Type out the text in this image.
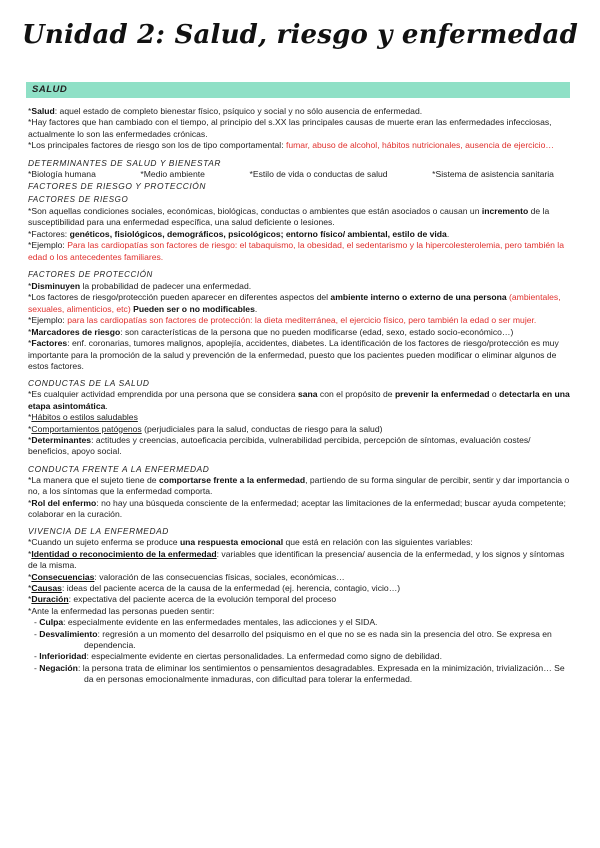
Unidad 2: Salud, riesgo y enfermedad
SALUD

*Salud: aquel estado de completo bienestar físico, psíquico y social y no sólo ausencia de enfermedad.

*Hay factores que han cambiado con el tiempo, al principio del s.XX las principales causas de muerte eran las enfermedades infecciosas, actualmente lo son las enfermedades crónicas.

*Los principales factores de riesgo son los de tipo comportamental: fumar, abuso de alcohol, hábitos nutricionales, ausencia de ejercicio…

DETERMINANTES DE SALUD Y BIENESTAR

*Biología humana	*Medio ambiente	*Estilo de vida o conductas de salud	*Sistema de asistencia sanitaria

FACTORES DE RIESGO Y PROTECCIÓN

FACTORES DE RIESGO

*Son aquellas condiciones sociales, económicas, biológicas, conductas o ambientes que están asociados o causan un incremento de la susceptibilidad para una enfermedad específica, una salud deficiente o lesiones.

*Factores: genéticos, fisiológicos, demográficos, psicológicos; entorno físico/ ambiental, estilo de vida.

*Ejemplo: Para las cardiopatías son factores de riesgo: el tabaquismo, la obesidad, el sedentarismo y la hipercolesterolemia, pero también la edad o los antecedentes familiares.

FACTORES DE PROTECCIÓN

*Disminuyen la probabilidad de padecer una enfermedad.

*Los factores de riesgo/protección pueden aparecer en diferentes aspectos del ambiente interno o externo de una persona (ambientales, sexuales, alimenticios, etc) Pueden ser o no modificables.

*Ejemplo: para las cardiopatías son factores de protección: la dieta mediterránea, el ejercicio físico, pero también la edad o ser mujer.

*Marcadores de riesgo: son características de la persona que no pueden modificarse (edad, sexo, estado socio-económico…)

*Factores: enf. coronarias, tumores malignos, apoplejía, accidentes, diabetes. La identificación de los factores de riesgo/protección es muy importante para la promoción de la salud y prevención de la enfermedad, puesto que los pacientes pueden modificar o eliminar algunos de estos factores.

CONDUCTAS DE LA SALUD

*Es cualquier actividad emprendida por una persona que se considera sana con el propósito de prevenir la enfermedad o detectarla en una etapa asintomática.

*Hábitos o estilos saludables

*Comportamientos patógenos (perjudiciales para la salud, conductas de riesgo para la salud)

*Determinantes: actitudes y creencias, autoeficacia percibida, vulnerabilidad percibida, percepción de síntomas, evaluación costes/ beneficios, apoyo social.

CONDUCTA FRENTE A LA ENFERMEDAD

*La manera que el sujeto tiene de comportarse frente a la enfermedad, partiendo de su forma singular de percibir, sentir y dar importancia o no, a los síntomas que la enfermedad comporta.

*Rol del enfermo: no hay una búsqueda consciente de la enfermedad; aceptar las limitaciones de la enfermedad; buscar ayuda competente; colaborar en la curación.

VIVENCIA DE LA ENFERMEDAD

*Cuando un sujeto enferma se produce una respuesta emocional que está en relación con las siguientes variables:

*Identidad o reconocimiento de la enfermedad: variables que identifican la presencia/ ausencia de la enfermedad, y los signos y síntomas de la misma.

*Consecuencias: valoración de las consecuencias físicas, sociales, económicas…

*Causas: ideas del paciente acerca de la causa de la enfermedad (ej. herencia, contagio, vicio…)

*Duración: expectativa del paciente acerca de la evolución temporal del proceso

*Ante la enfermedad las personas pueden sentir:

- Culpa: especialmente evidente en las enfermedades mentales, las adicciones y el SIDA.

- Desvalimiento: regresión a un momento del desarrollo del psiquismo en el que no se es nada sin la presencia del otro. Se expresa en dependencia.

- Inferioridad: especialmente evidente en ciertas personalidades. La enfermedad como signo de debilidad.

- Negación: la persona trata de eliminar los sentimientos o pensamientos desagradables. Expresada en la minimización, trivialización… Se da en personas emocionalmente inmaduras, con dificultad para tolerar la enfermedad.
